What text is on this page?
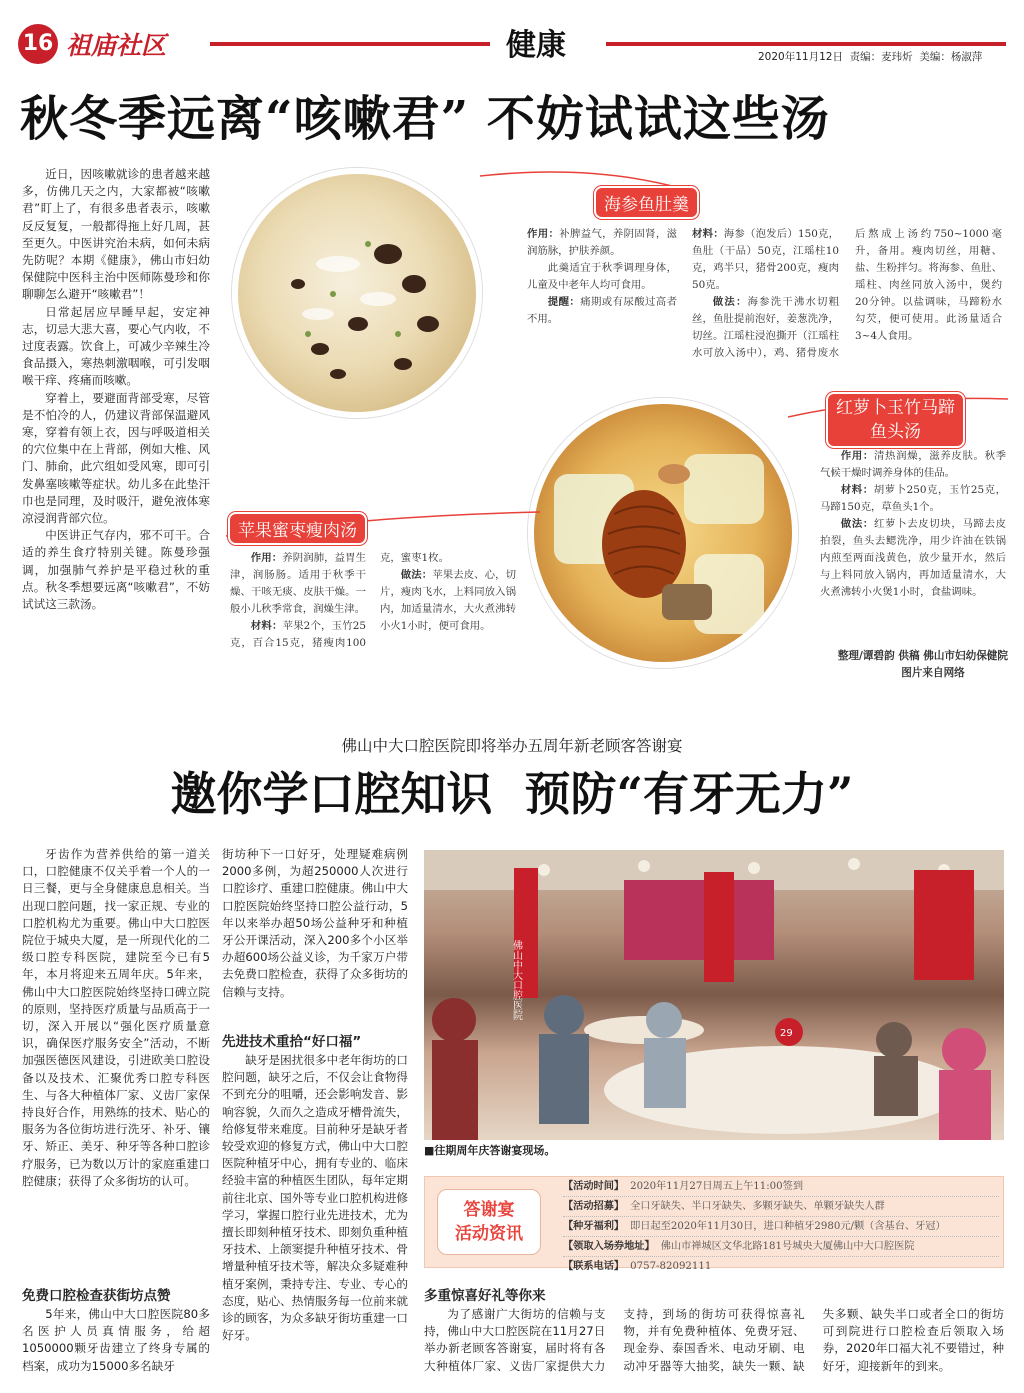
16 祖庙社区	健康	2020年11月12日 责编：麦玮炘 美编：杨淑萍
秋冬季远离“咳嗽君” 不妨试试这些汤

近日，因咳嗽就诊的患者越来越多，仿佛几天之内，大家都被“咳嗽君”盯上了，有很多患者表示，咳嗽反反复复，一般都得拖上好几周，甚至更久。中医讲究治未病，如何未病先防呢？本期《健康》，佛山市妇幼保健院中医科主治中医师陈曼珍和你聊聊怎么避开“咳嗽君”！

日常起居应早睡早起，安定神志，切忌大悲大喜，要心气内收，不过度表露。饮食上，可减少辛辣生冷食品摄入，寒热刺激咽喉，可引发咽喉干痒、疼痛而咳嗽。

穿着上，要避面背部受寒，尽管是不怕冷的人，仍建议背部保温避风寒，穿着有领上衣，因与呼吸道相关的穴位集中在上背部，例如大椎、风门、肺俞，此穴组如受风寒，即可引发鼻塞咳嗽等症状。幼儿多在此垫汗巾也是同理，及时吸汗，避免液体寒凉浸润背部穴位。

中医讲正气存内，邪不可干。合适的养生食疗特别关键。陈曼珍强调，加强肺气养护是平稳过秋的重点。秋冬季想要远离“咳嗽君”，不妨试试这三款汤。

海参鱼肚羹
作用：补脾益气，养阴固肾，滋润筋脉，护肤养颜。
此羹适宜于秋季调理身体，儿童及中老年人均可食用。
提醒：痛期或有尿酸过高者不用。
材料：海参（泡发后）150克，鱼肚（干品）50克，江瑶柱10克，鸡半只，猪骨200克，瘦肉50克。
做法：海参洗干沸水切粗丝，鱼肚提前泡好，姜葱洗净，切丝。江瑶柱浸泡撕开（江瑶柱水可放入汤中），鸡、猪骨废水后熬成上汤约750~1000毫升，备用。瘦肉切丝，用糖、盐、生粉拌匀。将海参、鱼肚、瑶柱、肉丝同放入汤中，煲约20分钟。以盐调味，马蹄粉水勾芡，便可使用。此汤量适合3~4人食用。
苹果蜜枣瘦肉汤
作用：养阴润肺，益胃生津，润肠肠。适用于秋季干燥、干咳无痰、皮肤干燥。一般小儿秋季常食，润燥生津。
材料：苹果2个，玉竹25克，百合15克，猪瘦肉100克，蜜枣1枚。
做法：苹果去皮、心，切片，瘦肉飞水，上料同放入锅内，加适量清水，大火煮沸转小火1小时，便可食用。
红萝卜玉竹马蹄
鱼头汤
作用：清热润燥，滋养皮肤。秋季气候干燥时调养身体的佳品。
材料：胡萝卜250克，玉竹25克，马蹄150克，草鱼头1个。
做法：红萝卜去皮切块，马蹄去皮拍裂，鱼头去鳃洗净，用少许油在铁锅内煎至两面浅黄色，放少量开水，然后与上料同放入锅内，再加适量清水，大火煮沸转小火煲1小时，食盐调味。
整理/谭碧韵 供稿 佛山市妇幼保健院
图片来自网络
佛山中大口腔医院即将举办五周年新老顾客答谢宴
邀你学口腔知识  预防“有牙无力”

牙齿作为营养供给的第一道关口，口腔健康不仅关乎着一个人的一日三餐，更与全身健康息息相关。当出现口腔问题，找一家正规、专业的口腔机构尤为重要。佛山中大口腔医院位于城央大厦，是一所现代化的二级口腔专科医院，建院至今已有5年，本月将迎来五周年庆。5年来，佛山中大口腔医院始终坚持口碑立院的原则，坚持医疗质量与品质高于一切，深入开展以“强化医疗质量意识，确保医疗服务安全”活动，不断加强医德医风建设，引进欧美口腔设备以及技术、汇聚优秀口腔专科医生、与各大种植体厂家、义齿厂家保持良好合作，用熟练的技术、贴心的服务为各位街坊进行洗牙、补牙、镶牙、矫正、美牙、种牙等各种口腔诊疗服务，已为数以万计的家庭重建口腔健康；获得了众多街坊的认可。

免费口腔检查获街坊点赞

5年来，佛山中大口腔医院80多名医护人员真情服务，给超1050000颗牙齿建立了终身专属的档案，成功为15000多名缺牙

街坊种下一口好牙，处理疑难病例2000多例，为超250000人次进行口腔诊疗、重建口腔健康。佛山中大口腔医院始终坚持口腔公益行动，5年以来举办超50场公益种牙和种植牙公开课活动，深入200多个小区举办超600场公益义诊，为千家万户带去免费口腔检查，获得了众多街坊的信赖与支持。
先进技术重拾“好口福”

缺牙是困扰很多中老年街坊的口腔问题，缺牙之后，不仅会让食物得不到充分的咀嚼，还会影响发音、影响容貌，久而久之造成牙槽骨流失，给修复带来难度。目前种牙是缺牙者较受欢迎的修复方式，佛山中大口腔医院种植牙中心，拥有专业的、临床经验丰富的种植医生团队，每年定期前往北京、国外等专业口腔机构进修学习，掌握口腔行业先进技术，尤为擅长即刻种植牙技术、即刻负重种植牙技术、上颌窦提升种植牙技术、骨增量种植牙技术等，解决众多疑难种植牙案例，秉持专注、专业、专心的态度，贴心、热情服务每一位前来就诊的顾客，为众多缺牙街坊重建一口好牙。

佛山中大口腔医院
29
■往期周年庆答谢宴现场。
答谢宴
活动资讯
【活动时间】 2020年11月27日周五上午11:00签到
【活动招募】 全口牙缺失、半口牙缺失、多颗牙缺失、单颗牙缺失人群
【种牙福利】 即日起至2020年11月30日，进口种植牙2980元/颗（含基台、牙冠）
【领取入场券地址】 佛山市禅城区文华北路181号城央大厦佛山中大口腔医院
【联系电话】 0757-82092111
多重惊喜好礼等你来

为了感谢广大街坊的信赖与支持，佛山中大口腔医院在11月27日举办新老顾客答谢宴，届时将有各大种植体厂家、义齿厂家提供大力支持，到场的街坊可获得惊喜礼物，并有免费种植体、免费牙冠、现金券、泰国香米、电动牙刷、电动冲牙器等大抽奖，缺失一颗、缺失多颗、缺失半口或者全口的街坊可到院进行口腔检查后领取入场券，2020年口福大礼不要错过，种好牙，迎接新年的到来。
